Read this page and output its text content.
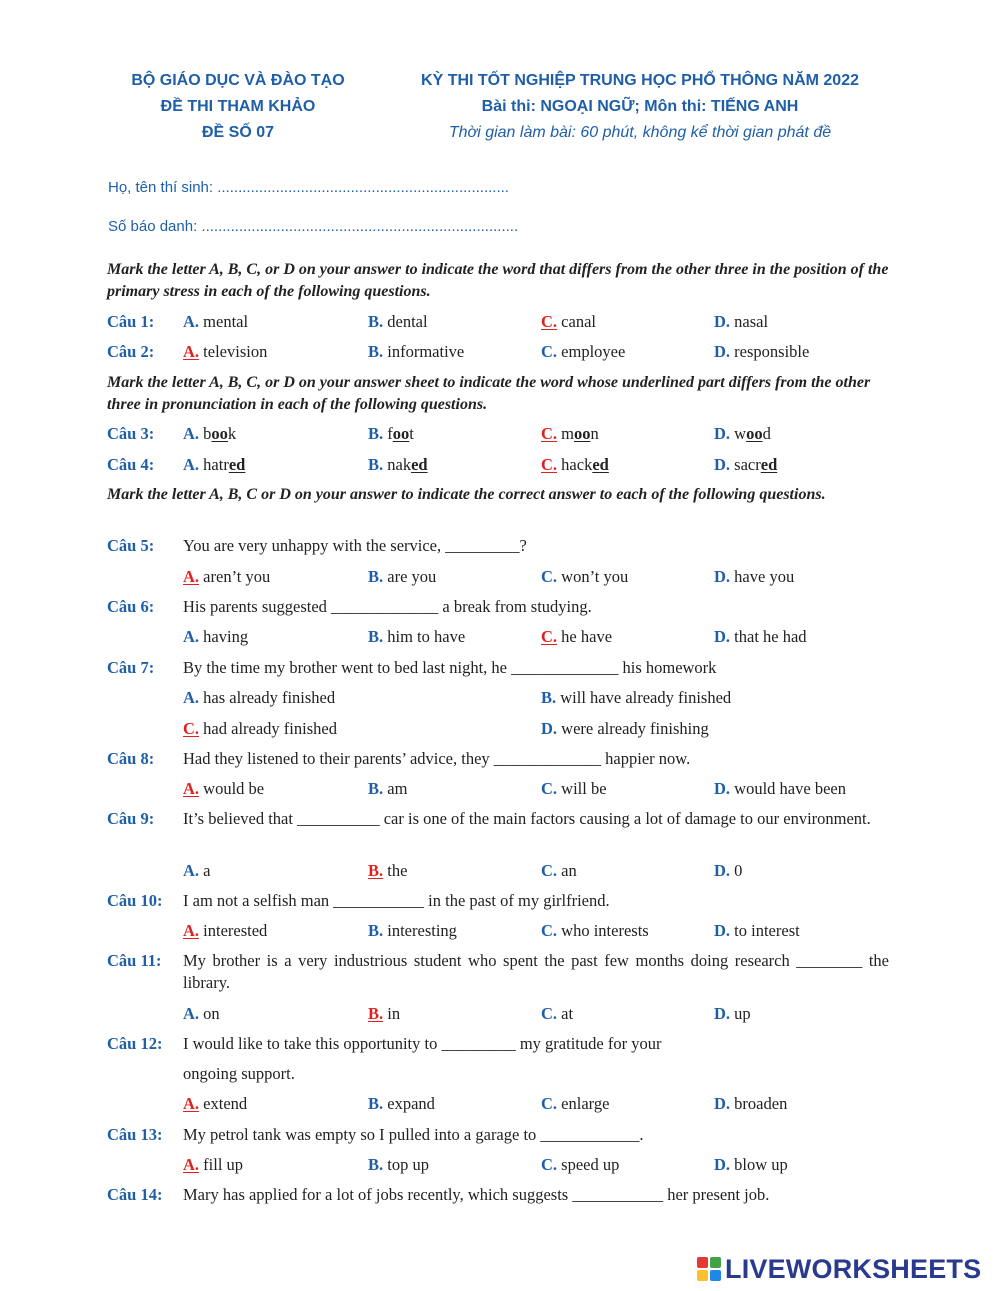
BỘ GIÁO DỤC VÀ ĐÀO TẠO
ĐỀ THI THAM KHẢO
ĐỀ SỐ 07
KỲ THI TỐT NGHIỆP TRUNG HỌC PHỔ THÔNG NĂM 2022
Bài thi: NGOẠI NGỮ; Môn thi: TIẾNG ANH
Thời gian làm bài: 60 phút, không kể thời gian phát đề
Họ, tên thí sinh: ......................................................................
Số báo danh: ............................................................................
Mark the letter A, B, C, or D on your answer to indicate the word that differs from the other three in the position of the primary stress in each of the following questions.
Câu 1: A. mental	B. dental	C. canal	D. nasal
Câu 2: A. television	B. informative	C. employee	D. responsible
Mark the letter A, B, C, or D on your answer sheet to indicate the word whose underlined part differs from the other three in pronunciation in each of the following questions.
Câu 3: A. book	B. foot	C. moon	D. wood
Câu 4: A. hatred	B. naked	C. hacked	D. sacred
Mark the letter A, B, C or D on your answer to indicate the correct answer to each of the following questions.
Câu 5: You are very unhappy with the service, _________?
A. aren’t you	B. are you	C. won’t you	D. have you
Câu 6: His parents suggested _____________ a break from studying.
A. having	B. him to have	C. he have	D. that he had
Câu 7: By the time my brother went to bed last night, he _____________ his homework
A. has already finished	B. will have already finished
C. had already finished	D. were already finishing
Câu 8: Had they listened to their parents’ advice, they _____________ happier now.
A. would be	B. am	C. will be	D. would have been
Câu 9: It’s believed that __________ car is one of the main factors causing a lot of damage to our environment.
A. a	B. the	C. an	D. 0
Câu 10: I am not a selfish man ___________ in the past of my girlfriend.
A. interested	B. interesting	C. who interests	D. to interest
Câu 11: My brother is a very industrious student who spent the past few months doing research ________ the library.
A. on	B. in	C. at	D. up
Câu 12: I would like to take this opportunity to _________ my gratitude for your
ongoing support.
A. extend	B. expand	C. enlarge	D. broaden
Câu 13: My petrol tank was empty so I pulled into a garage to ____________.
A. fill up	B. top up	C. speed up	D. blow up
Câu 14: Mary has applied for a lot of jobs recently, which suggests ___________ her present job.
LIVEWORKSHEETS
